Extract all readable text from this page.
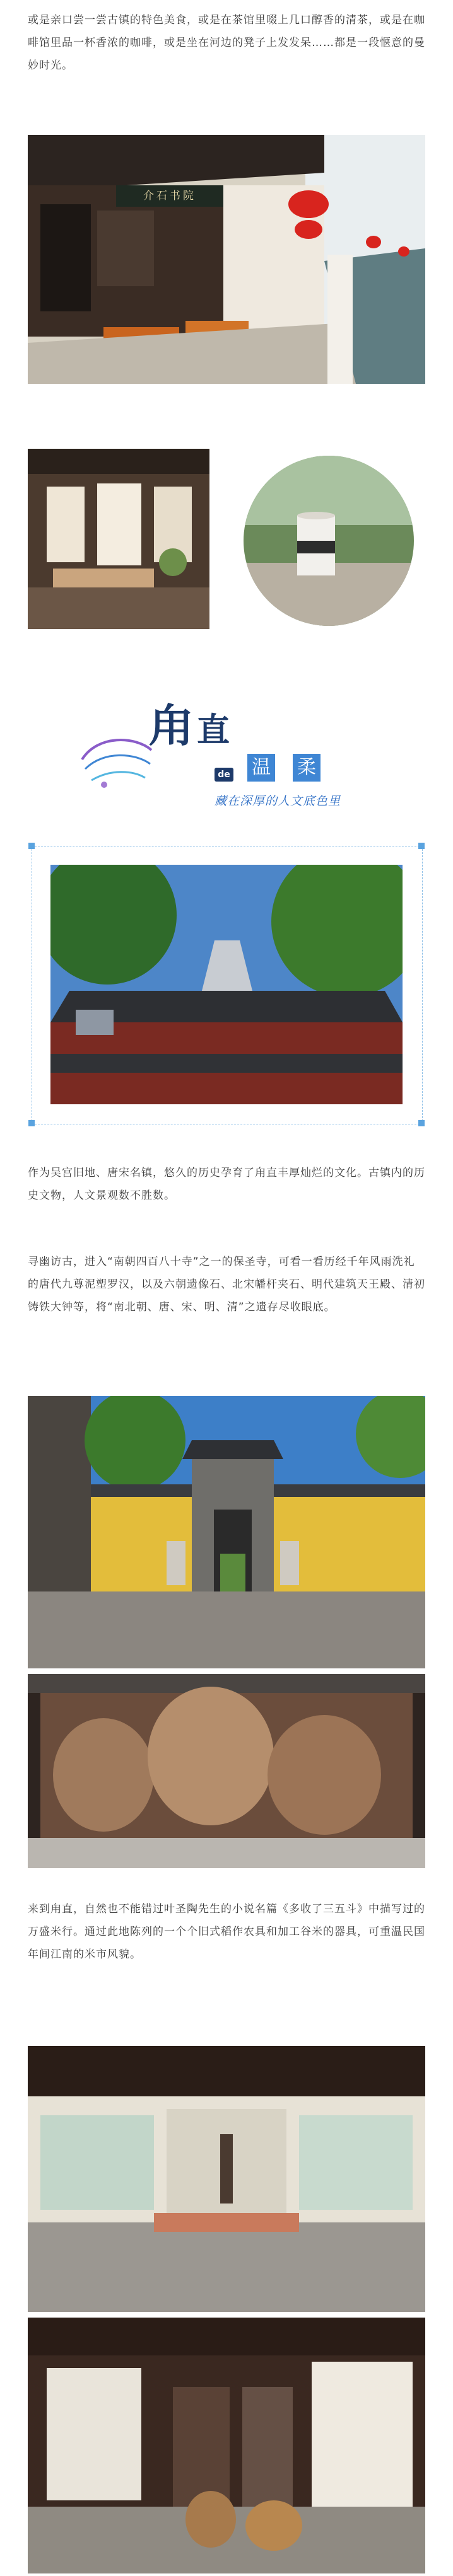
或是亲口尝一尝古镇的特色美食，或是在茶馆里啜上几口醇香的清茶，或是在咖啡馆里品一杯香浓的咖啡，或是坐在河边的凳子上发发呆……都是一段惬意的曼妙时光。

介石书院
甪 直
de 温 柔
藏在深厚的人文底色里

作为吴宫旧地、唐宋名镇，悠久的历史孕育了甪直丰厚灿烂的文化。古镇内的历史文物，人文景观数不胜数。

寻幽访古，进入“南朝四百八十寺”之一的保圣寺，可看一看历经千年风雨洗礼的唐代九尊泥塑罗汉，以及六朝遗像石、北宋幡杆夹石、明代建筑天王殿、清初铸铁大钟等，将“南北朝、唐、宋、明、清”之遗存尽收眼底。

来到甪直，自然也不能错过叶圣陶先生的小说名篇《多收了三五斗》中描写过的万盛米行。通过此地陈列的一个个旧式稻作农具和加工谷米的器具，可重温民国年间江南的米市风貌。
